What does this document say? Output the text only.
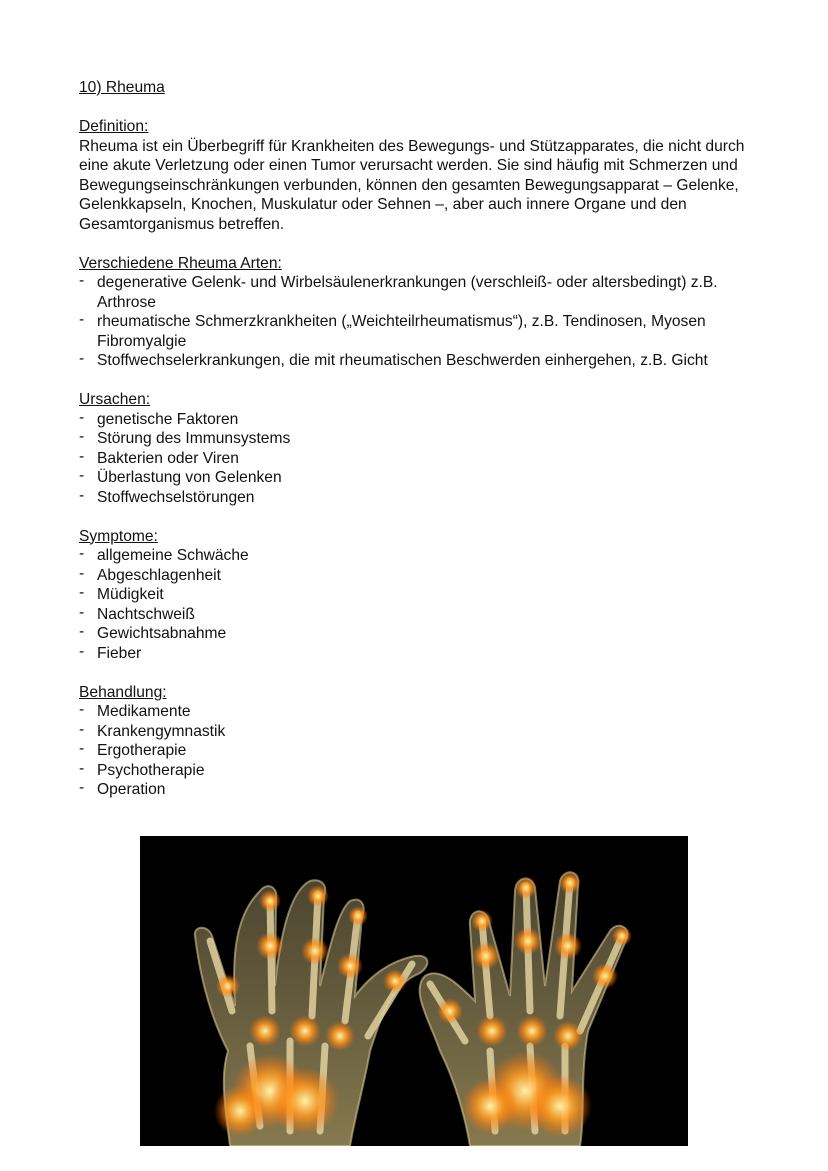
10) Rheuma
Definition:

Rheuma ist ein Überbegriff für Krankheiten des Bewegungs- und Stützapparates, die nicht durch eine akute Verletzung oder einen Tumor verursacht werden. Sie sind häufig mit Schmerzen und Bewegungseinschränkungen verbunden, können den gesamten Bewegungsapparat – Gelenke, Gelenkkapseln, Knochen, Muskulatur oder Sehnen –, aber auch innere Organe und den Gesamtorganismus betreffen.

Verschiedene Rheuma Arten:
- degenerative Gelenk- und Wirbelsäulenerkrankungen (verschleiß- oder altersbedingt) z.B. Arthrose
- rheumatische Schmerzkrankheiten („Weichteilrheumatismus“), z.B. Tendinosen, Myosen Fibromyalgie
- Stoffwechselerkrankungen, die mit rheumatischen Beschwerden einhergehen, z.B. Gicht
Ursachen:
- genetische Faktoren
- Störung des Immunsystems
- Bakterien oder Viren
- Überlastung von Gelenken
- Stoffwechselstörungen
Symptome:
- allgemeine Schwäche
- Abgeschlagenheit
- Müdigkeit
- Nachtschweiß
- Gewichtsabnahme
- Fieber
Behandlung:
- Medikamente
- Krankengymnastik
- Ergotherapie
- Psychotherapie
- Operation
